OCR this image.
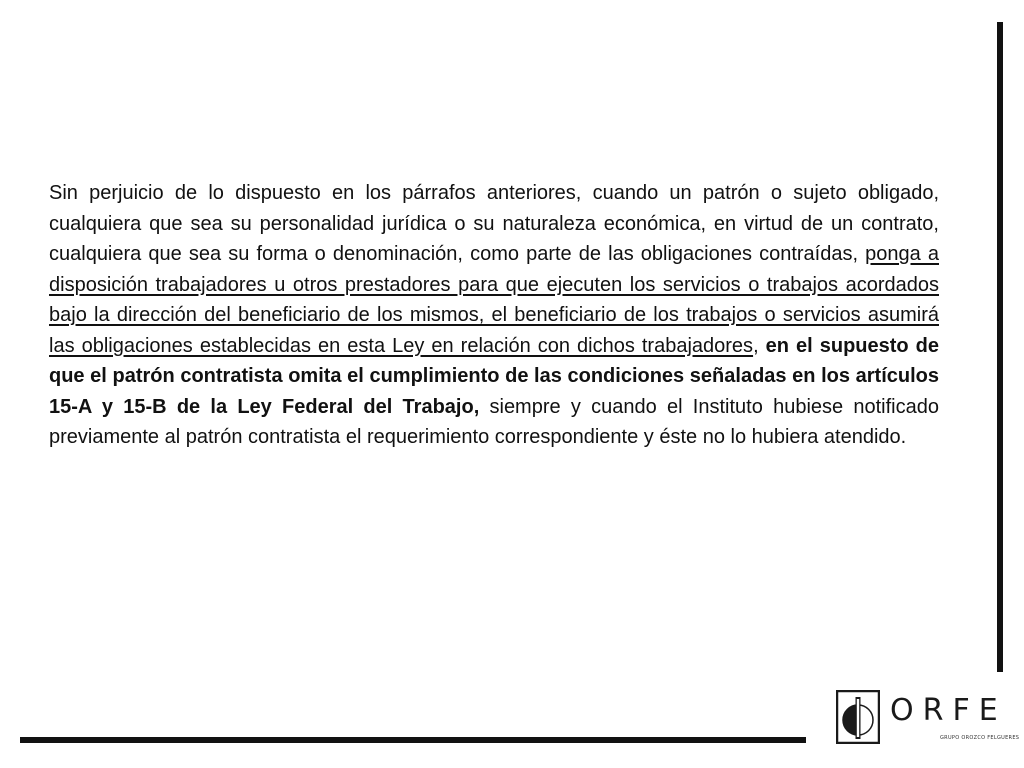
Sin perjuicio de lo dispuesto en los párrafos anteriores, cuando un patrón o sujeto obligado, cualquiera que sea su personalidad jurídica o su naturaleza económica, en virtud de un contrato, cualquiera que sea su forma o denominación, como parte de las obligaciones contraídas, ponga a disposición trabajadores u otros prestadores para que ejecuten los servicios o trabajos acordados bajo la dirección del beneficiario de los mismos, el beneficiario de los trabajos o servicios asumirá las obligaciones establecidas en esta Ley en relación con dichos trabajadores, en el supuesto de que el patrón contratista omita el cumplimiento de las condiciones señaladas en los artículos 15-A y 15-B de la Ley Federal del Trabajo, siempre y cuando el Instituto hubiese notificado previamente al patrón contratista el requerimiento correspondiente y éste no lo hubiera atendido.

ORFE
GRUPO OROZCO FELGUERES
